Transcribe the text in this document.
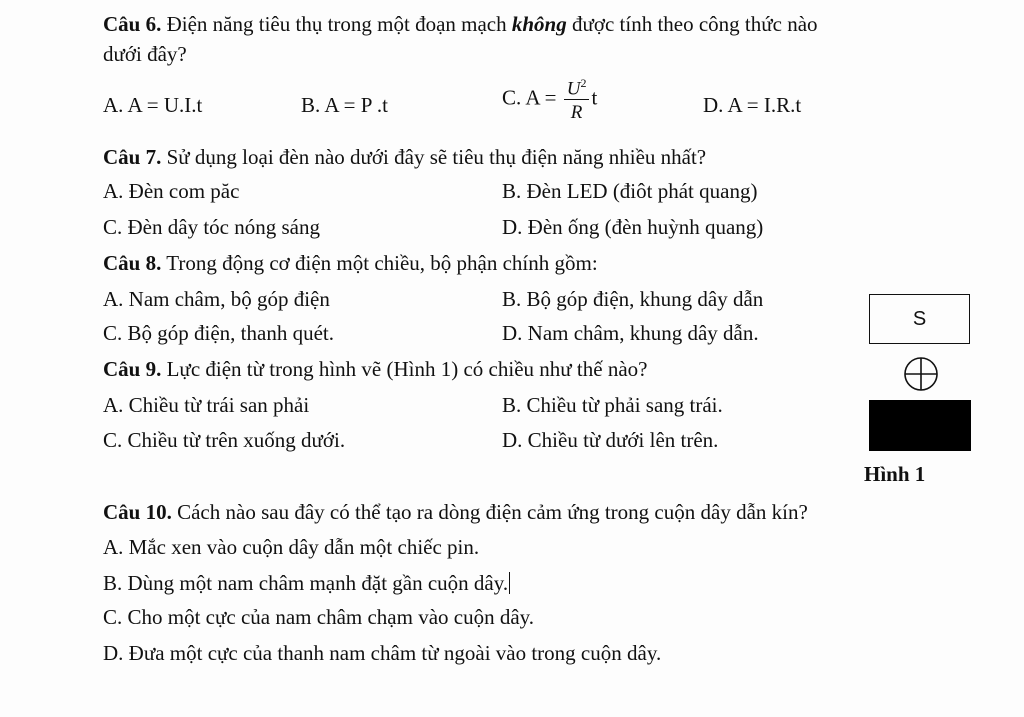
Câu 6. Điện năng tiêu thụ trong một đoạn mạch không được tính theo công thức nào
dưới đây?
A. A = U.I.t	B. A = P .t	C. $A = \frac{U^2}{R}$ t	D. A = I.R.t
Câu 7. Sử dụng loại đèn nào dưới đây sẽ tiêu thụ điện năng nhiều nhất?
A. Đèn com păc	B. Đèn LED (điôt phát quang)
C. Đèn dây tóc nóng sáng	D. Đèn ống (đèn huỳnh quang)
Câu 8. Trong động cơ điện một chiều, bộ phận chính gồm:
A. Nam châm, bộ góp điện	B. Bộ góp điện, khung dây dẫn
C. Bộ góp điện, thanh quét.	D. Nam châm, khung dây dẫn.
Câu 9. Lực điện từ trong hình vẽ (Hình 1) có chiều như thế nào?
A. Chiều từ trái san phải	B. Chiều từ phải sang trái.
C. Chiều từ trên xuống dưới.	D. Chiều từ dưới lên trên.
S
Hình 1
Câu 10. Cách nào sau đây có thể tạo ra dòng điện cảm ứng trong cuộn dây dẫn kín?
A. Mắc xen vào cuộn dây dẫn một chiếc pin.
B. Dùng một nam châm mạnh đặt gần cuộn dây.
C. Cho một cực của nam châm chạm vào cuộn dây.
D. Đưa một cực của thanh nam châm từ ngoài vào trong cuộn dây.
